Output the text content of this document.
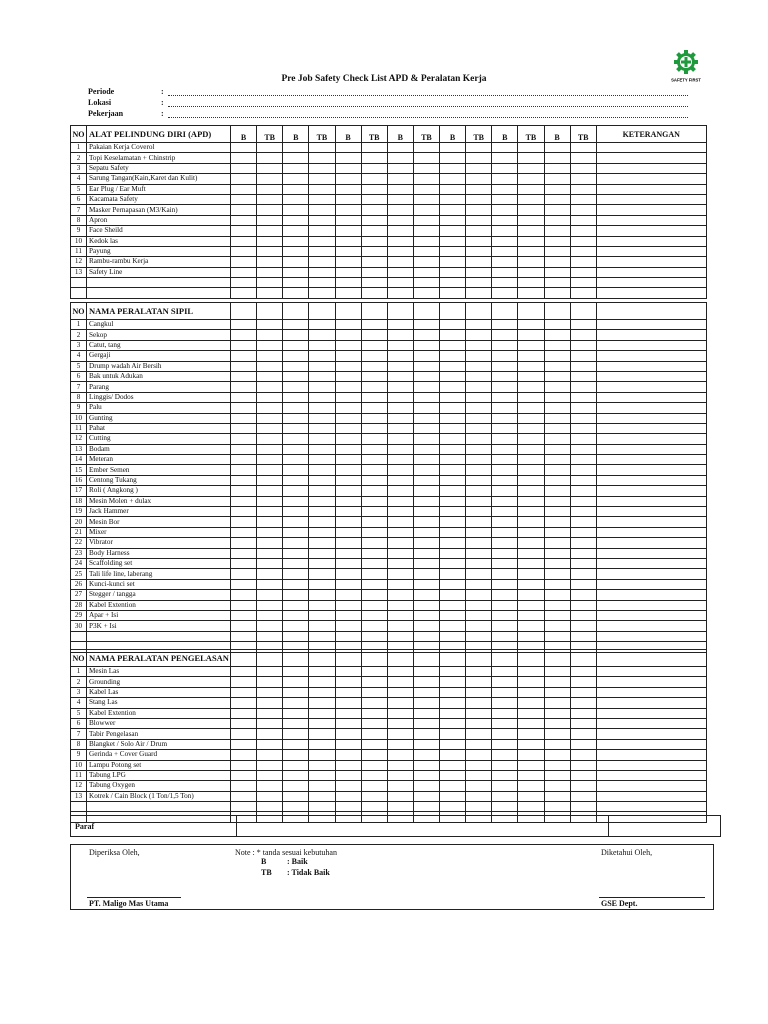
SAFETY FIRST
Pre Job Safety Check List APD & Peralatan Kerja
Periode	:
Lokasi	:
Pekerjaan	:
NO	ALAT PELINDUNG DIRI (APD)	B	TB	B	TB	B	TB	B	TB	B	TB	B	TB	B	TB	KETERANGAN
1	Pakaian Kerja Coverol															
2	Topi Keselamatan + Chinstrip															
3	Sepatu Safety															
4	Sarung Tangan(Kain,Karet dan Kulit)															
5	Ear Plug / Ear Muft															
6	Kacamata Safety															
7	Masker Pernapasan (M3/Kain)															
8	Apron															
9	Face Sheild															
10	Kedok las															
11	Payung															
12	Rambu-rambu Kerja															
13	Safety Line															

NO	NAMA PERALATAN SIPIL															
1	Cangkul															
2	Sekop															
3	Catut, tang															
4	Gergaji															
5	Drump wadah Air Bersih															
6	Bak untuk Adukan															
7	Parang															
8	Linggis/ Dodos															
9	Palu															
10	Gunting															
11	Pahat															
12	Cutting															
13	Bodam															
14	Meteran															
15	Ember Semen															
16	Centong Tukang															
17	Roli ( Angkong )															
18	Mesin Molen + dulax															
19	Jack Hammer															
20	Mesin Bor															
21	Mixer															
22	Vibrator															
23	Body Harness															
24	Scaffolding set															
25	Tali life line, laberang															
26	Kunci-kunci set															
27	Stegger / tangga															
28	Kabel Extention															
29	Apar + Isi															
30	P3K + Isi															

NO	NAMA PERALATAN PENGELASAN															
1	Mesin Las															
2	Grounding															
3	Kabel Las															
4	Stang Las															
5	Kabel Extention															
6	Blowwer															
7	Tabir Pengelasan															
8	Blangket / Solo Air / Drum															
9	Gerinda + Cover Guard															
10	Lampu Potong set															
11	Tabung LPG															
12	Tabung Oxygen															
13	Kotrek / Cain Block (1 Ton/1,5 Ton)															

Paraf		
Diperiksa Oleh,	Note : * tanda sesuai kebutuhan
B	: Baik
TB : Tidak Baik
Diketahui Oleh,
PT. Maligo Mas Utama	GSE Dept.
